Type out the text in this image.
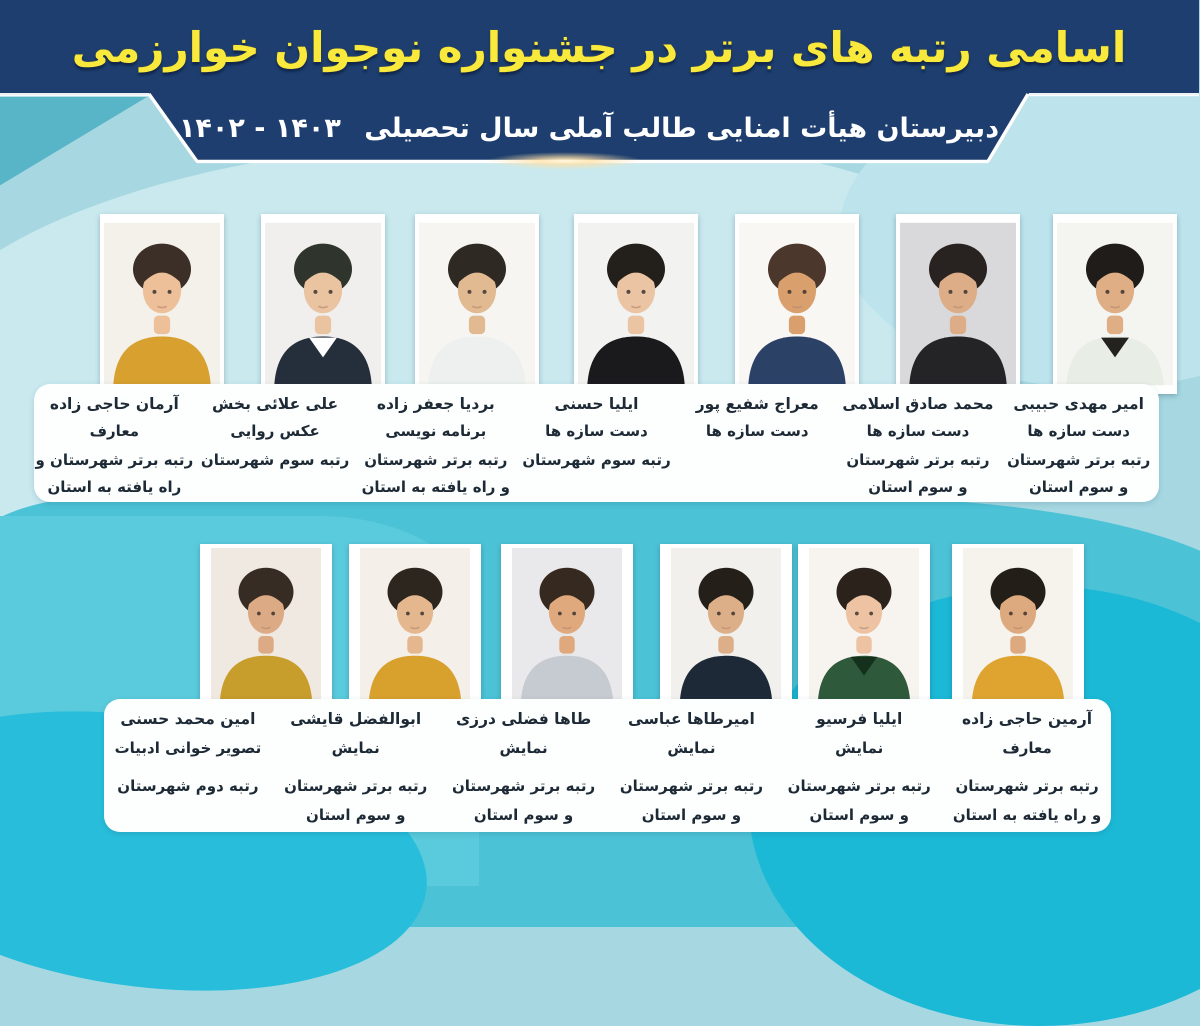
اسامی رتبه های برتر در جشنواره نوجوان خوارزمی
دبیرستان هیأت امنایی طالب آملی سال تحصیلی ۱۴۰۲ - ۱۴۰۳
آرمان حاجی زاده
معارف
رتبه برتر شهرستان و
راه یافته به استان
علی علائی بخش
عکس روایی
رتبه سوم شهرستان
بردیا جعفر زاده
برنامه نویسی
رتبه برتر شهرستان
و راه یافته به استان
ایلیا حسنی
دست سازه ها
رتبه سوم شهرستان
معراج شفیع پور
دست سازه ها
محمد صادق اسلامی
دست سازه ها
رتبه برتر شهرستان
و سوم استان
امیر مهدی حبیبی
دست سازه ها
رتبه برتر شهرستان
و سوم استان
امین محمد حسنی
تصویر خوانی ادبیات
رتبه دوم شهرستان
ابوالفضل قایشی
نمایش
رتبه برتر شهرستان
و سوم استان
طاها فضلی درزی
نمایش
رتبه برتر شهرستان
و سوم استان
امیرطاها عباسی
نمایش
رتبه برتر شهرستان
و سوم استان
ایلیا فرسیو
نمایش
رتبه برتر شهرستان
و سوم استان
آرمین حاجی زاده
معارف
رتبه برتر شهرستان
و راه یافته به استان
